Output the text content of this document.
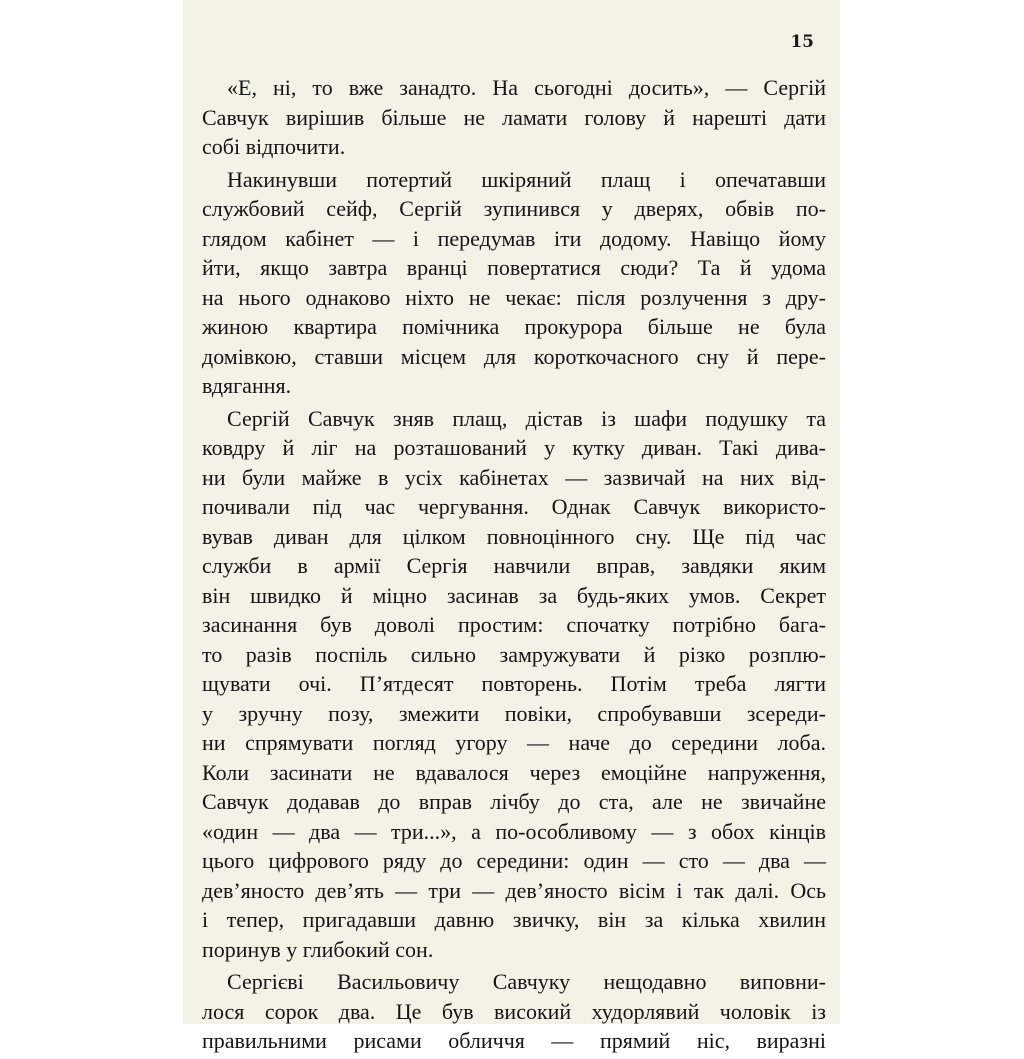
15
«Е, ні, то вже занадто. На сьогодні досить», — Сергій
Савчук вирішив більше не ламати голову й нарешті дати
собі відпочити.
Накинувши потертий шкіряний плащ і опечатавши
службовий сейф, Сергій зупинився у дверях, обвів по-
глядом кабінет — і передумав іти додому. Навіщо йому
йти, якщо завтра вранці повертатися сюди? Та й удома
на нього однаково ніхто не чекає: після розлучення з дру-
жиною квартира помічника прокурора більше не була
домівкою, ставши місцем для короткочасного сну й пере-
вдягання.
Сергій Савчук зняв плащ, дістав із шафи подушку та
ковдру й ліг на розташований у кутку диван. Такі дива-
ни були майже в усіх кабінетах — зазвичай на них від-
почивали під час чергування. Однак Савчук використо-
вував диван для цілком повноцінного сну. Ще під час
служби в армії Сергія навчили вправ, завдяки яким
він швидко й міцно засинав за будь-яких умов. Секрет
засинання був доволі простим: спочатку потрібно бага-
то разів поспіль сильно замружувати й різко розплю-
щувати очі. П’ятдесят повторень. Потім треба лягти
у зручну позу, змежити повіки, спробувавши зсереди-
ни спрямувати погляд угору — наче до середини лоба.
Коли засинати не вдавалося через емоційне напруження,
Савчук додавав до вправ лічбу до ста, але не звичайне
«один — два — три...», а по-особливому — з обох кінців
цього цифрового ряду до середини: один — сто — два —
дев’яносто дев’ять — три — дев’яносто вісім і так далі. Ось
і тепер, пригадавши давню звичку, він за кілька хвилин
поринув у глибокий сон.
Сергієві Васильовичу Савчуку нещодавно виповни-
лося сорок два. Це був високий худорлявий чоловік із
правильними рисами обличчя — прямий ніс, виразні
